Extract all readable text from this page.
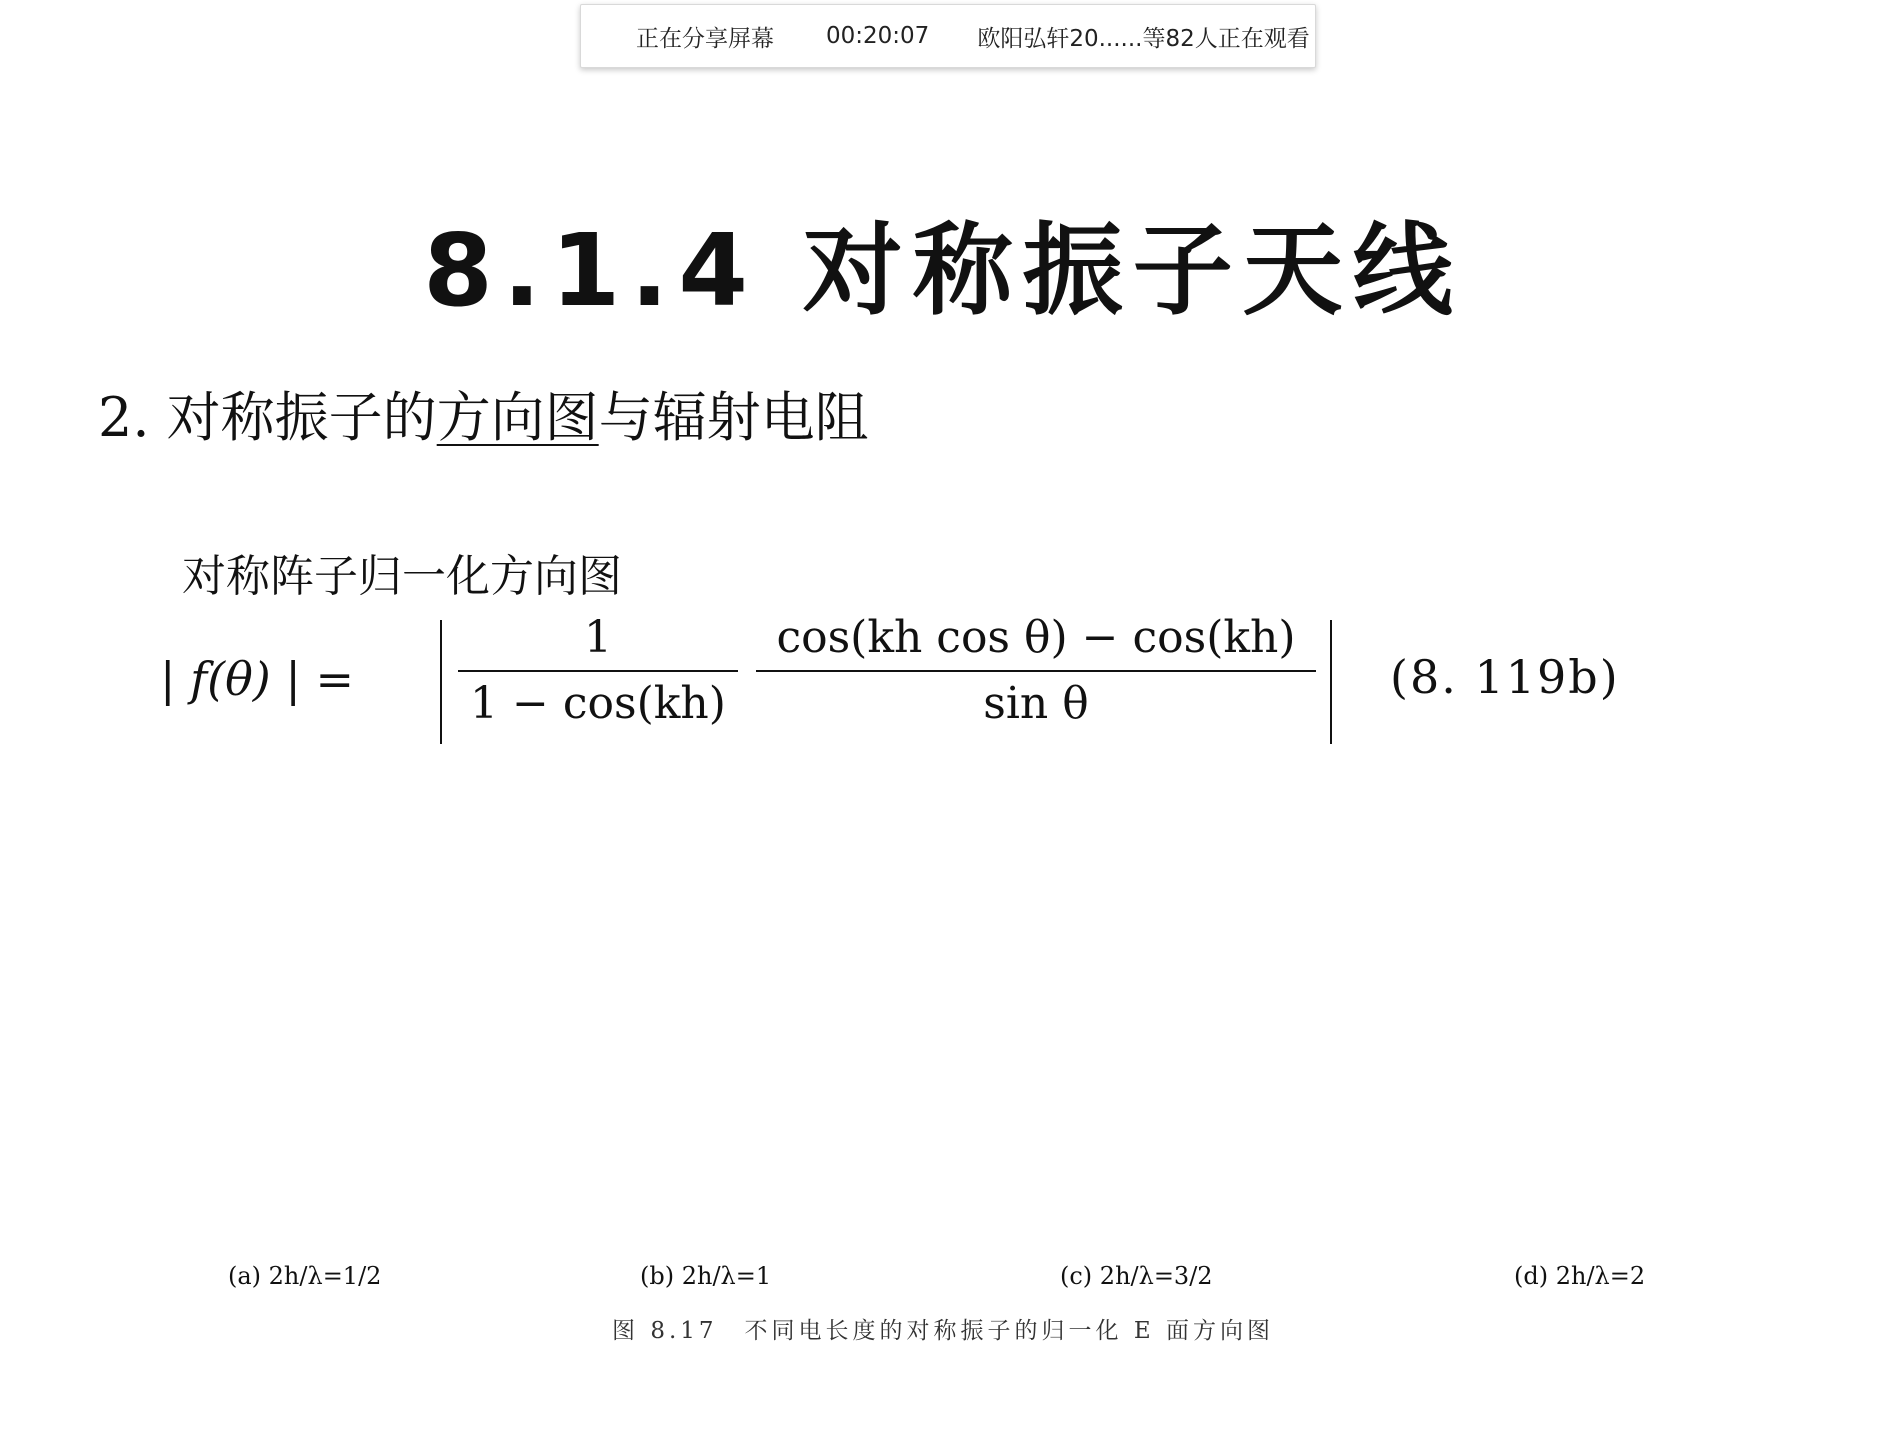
正在分享屏幕	00:20:07	欧阳弘轩20......等82人正在观看
8.1.4 对称振子天线
2. 对称振子的方向图与辐射电阻
对称阵子归一化方向图
| f(θ) | =
1
1 − cos(kh)
cos(kh cos θ) − cos(kh)
sin θ	(8. 119b)
(a) 2h/λ=1/2	(b) 2h/λ=1	(c) 2h/λ=3/2	(d) 2h/λ=2
图 8.17　不同电长度的对称振子的归一化 E 面方向图
